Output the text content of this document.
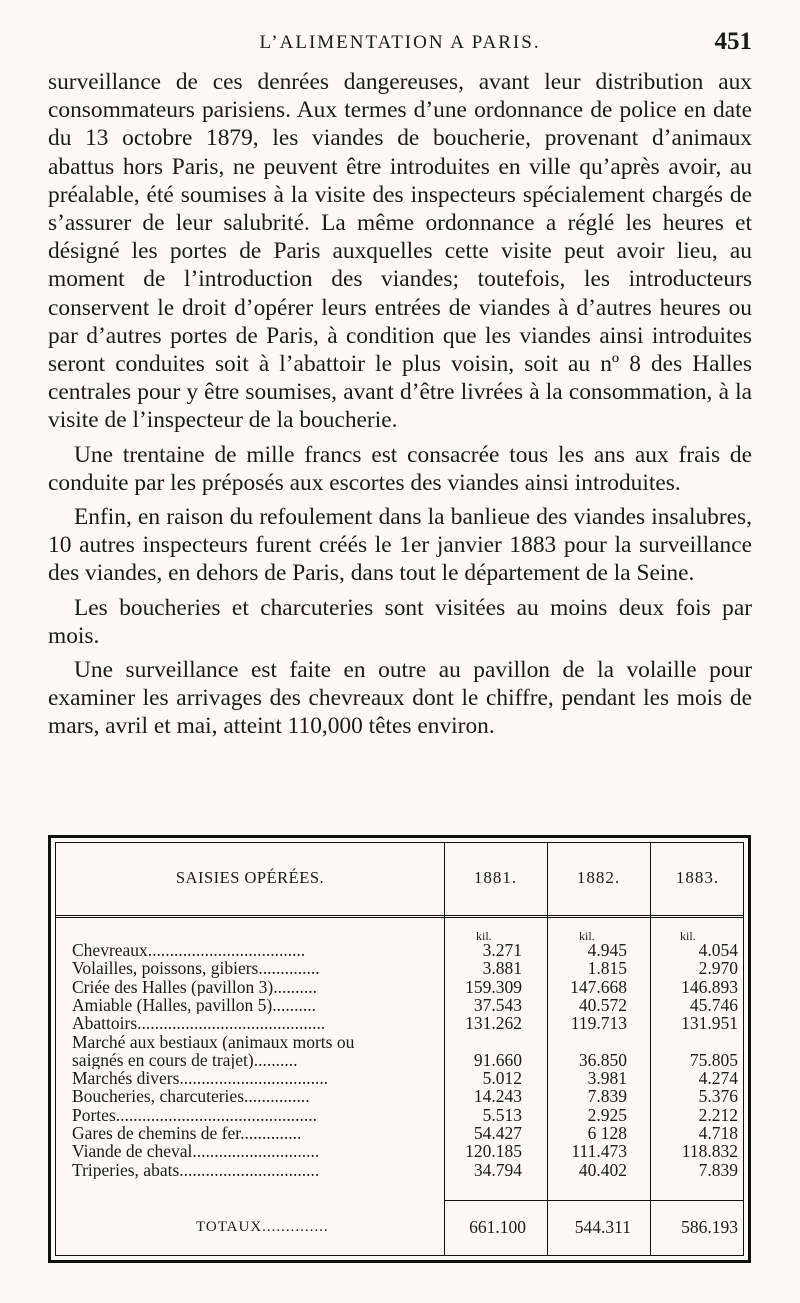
L’ALIMENTATION A PARIS.	451

surveillance de ces denrées dangereuses, avant leur distribution aux consommateurs parisiens. Aux termes d’une ordonnance de police en date du 13 octobre 1879, les viandes de boucherie, provenant d’animaux abattus hors Paris, ne peuvent être introduites en ville qu’après avoir, au préalable, été soumises à la visite des inspecteurs spécialement chargés de s’assurer de leur salubrité. La même ordonnance a réglé les heures et désigné les portes de Paris auxquelles cette visite peut avoir lieu, au moment de l’introduction des viandes; toutefois, les introducteurs conservent le droit d’opérer leurs entrées de viandes à d’autres heures ou par d’autres portes de Paris, à condition que les viandes ainsi introduites seront conduites soit à l’abattoir le plus voisin, soit au nº 8 des Halles centrales pour y être soumises, avant d’être livrées à la consommation, à la visite de l’inspecteur de la boucherie.

Une trentaine de mille francs est consacrée tous les ans aux frais de conduite par les préposés aux escortes des viandes ainsi introduites.

Enfin, en raison du refoulement dans la banlieue des viandes insalubres, 10 autres inspecteurs furent créés le 1er janvier 1883 pour la surveillance des viandes, en dehors de Paris, dans tout le département de la Seine.

Les boucheries et charcuteries sont visitées au moins deux fois par mois.

Une surveillance est faite en outre au pavillon de la volaille pour examiner les arrivages des chevreaux dont le chiffre, pendant les mois de mars, avril et mai, atteint 110,000 têtes environ.

SAISIES OPÉRÉES.	1881.	1882.	1883.
kil.	kil.	kil.
Chevreaux....................................	3.271	4.945	4.054
Volailles, poissons, gibiers..............	3.881	1.815	2.970
Criée des Halles (pavillon 3)..........	159.309	147.668	146.893
Amiable (Halles, pavillon 5)..........	37.543	40.572	45.746
Abattoirs...........................................	131.262	119.713	131.951
Marché aux bestiaux (animaux morts ou
saignés en cours de trajet)..........	91.660	36.850	75.805
Marchés divers..................................	5.012	3.981	4.274
Boucheries, charcuteries...............	14.243	7.839	5.376
Portes..............................................	5.513	2.925	2.212
Gares de chemins de fer..............	54.427	6 128	4.718
Viande de cheval.............................	120.185	111.473	118.832
Triperies, abats................................	34.794	40.402	7.839
TOTAUX..............	661.100	544.311	586.193
